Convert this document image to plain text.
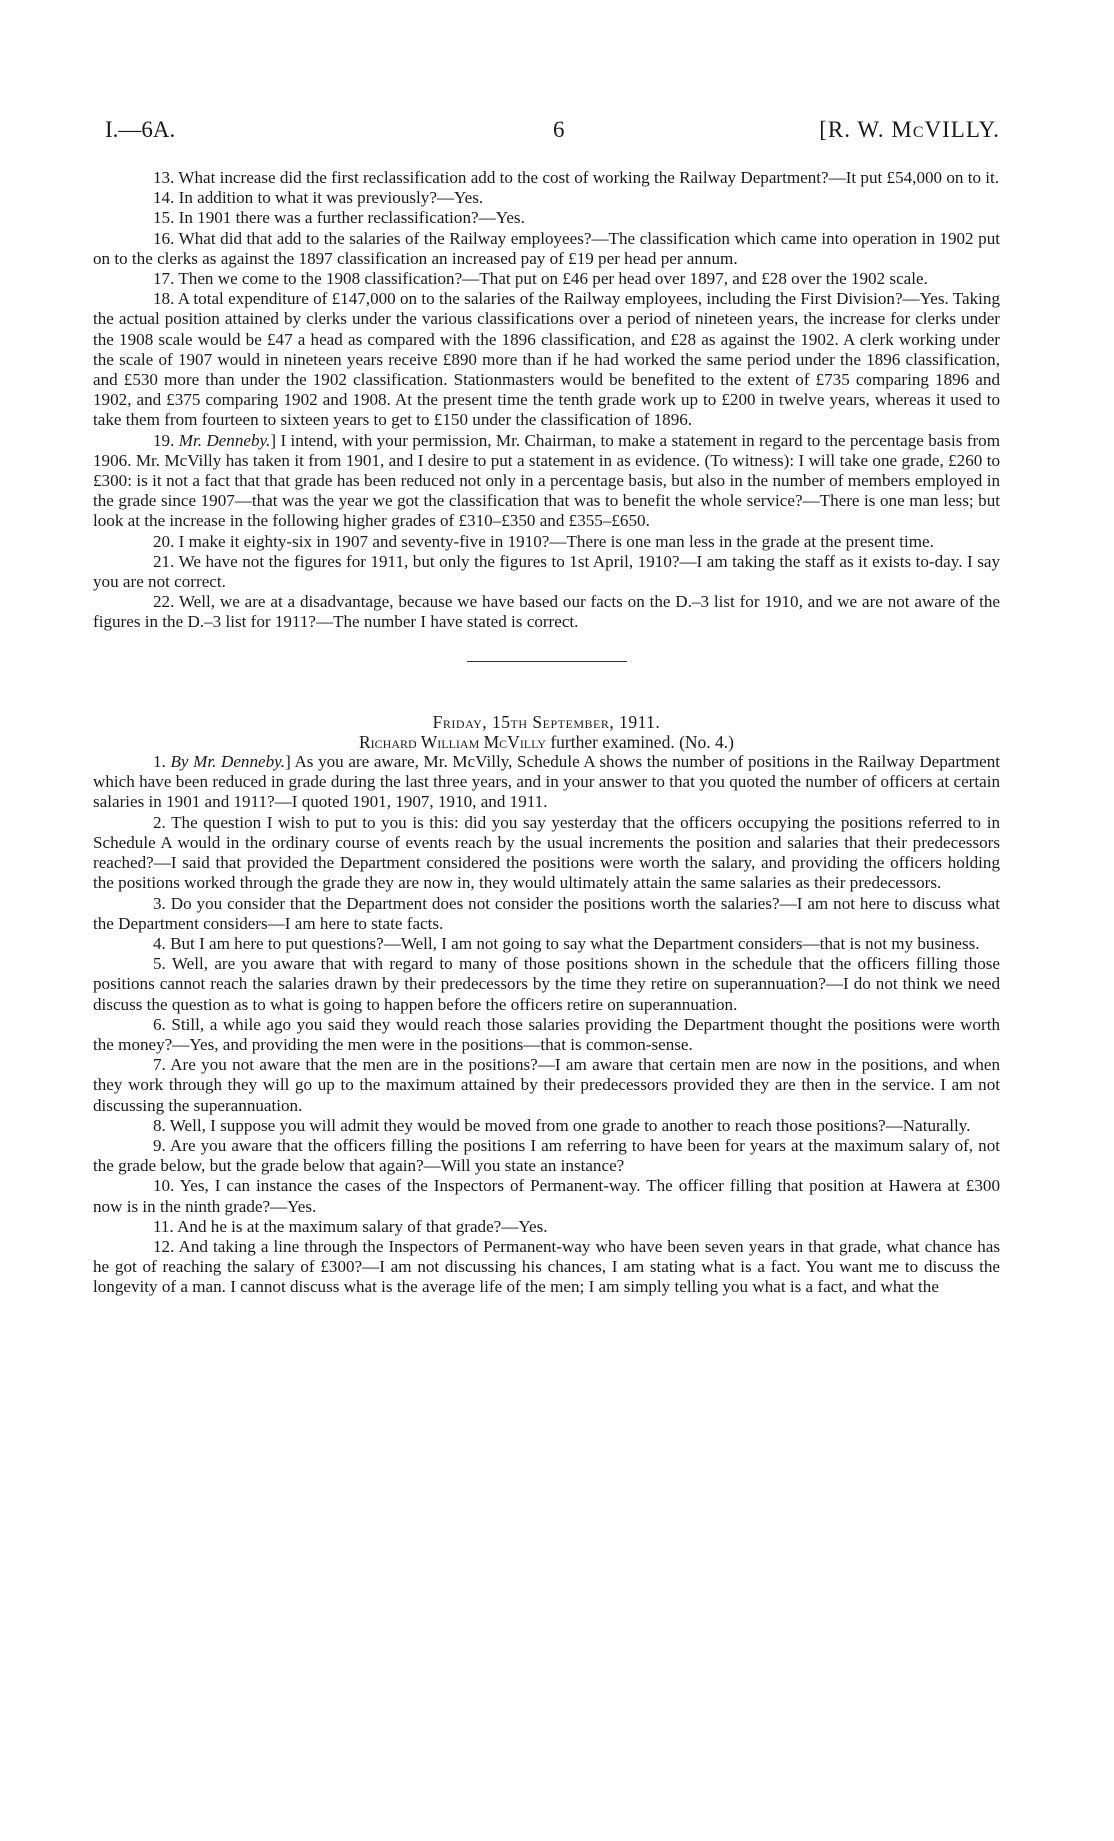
I.—6A.	6	[R. W. McVILLY.

13. What increase did the first reclassification add to the cost of working the Railway Department?—It put £54,000 on to it.

14. In addition to what it was previously?—Yes.

15. In 1901 there was a further reclassification?—Yes.

16. What did that add to the salaries of the Railway employees?—The classification which came into operation in 1902 put on to the clerks as against the 1897 classification an increased pay of £19 per head per annum.

17. Then we come to the 1908 classification?—That put on £46 per head over 1897, and £28 over the 1902 scale.

18. A total expenditure of £147,000 on to the salaries of the Railway employees, including the First Division?—Yes. Taking the actual position attained by clerks under the various classifications over a period of nineteen years, the increase for clerks under the 1908 scale would be £47 a head as compared with the 1896 classification, and £28 as against the 1902. A clerk working under the scale of 1907 would in nineteen years receive £890 more than if he had worked the same period under the 1896 classification, and £530 more than under the 1902 classification. Stationmasters would be benefited to the extent of £735 comparing 1896 and 1902, and £375 comparing 1902 and 1908. At the present time the tenth grade work up to £200 in twelve years, whereas it used to take them from fourteen to sixteen years to get to £150 under the classification of 1896.

19. Mr. Denneby.] I intend, with your permission, Mr. Chairman, to make a statement in regard to the percentage basis from 1906. Mr. McVilly has taken it from 1901, and I desire to put a statement in as evidence. (To witness): I will take one grade, £260 to £300: is it not a fact that that grade has been reduced not only in a percentage basis, but also in the number of members employed in the grade since 1907—that was the year we got the classification that was to benefit the whole service?—There is one man less; but look at the increase in the following higher grades of £310–£350 and £355–£650.

20. I make it eighty-six in 1907 and seventy-five in 1910?—There is one man less in the grade at the present time.

21. We have not the figures for 1911, but only the figures to 1st April, 1910?—I am taking the staff as it exists to-day. I say you are not correct.

22. Well, we are at a disadvantage, because we have based our facts on the D.–3 list for 1910, and we are not aware of the figures in the D.–3 list for 1911?—The number I have stated is correct.

Friday, 15th September, 1911.

Richard William McVilly further examined. (No. 4.)

1. By Mr. Denneby.] As you are aware, Mr. McVilly, Schedule A shows the number of positions in the Railway Department which have been reduced in grade during the last three years, and in your answer to that you quoted the number of officers at certain salaries in 1901 and 1911?—I quoted 1901, 1907, 1910, and 1911.

2. The question I wish to put to you is this: did you say yesterday that the officers occupying the positions referred to in Schedule A would in the ordinary course of events reach by the usual increments the position and salaries that their predecessors reached?—I said that provided the Department considered the positions were worth the salary, and providing the officers holding the positions worked through the grade they are now in, they would ultimately attain the same salaries as their predecessors.

3. Do you consider that the Department does not consider the positions worth the salaries?—I am not here to discuss what the Department considers—I am here to state facts.

4. But I am here to put questions?—Well, I am not going to say what the Department considers—that is not my business.

5. Well, are you aware that with regard to many of those positions shown in the schedule that the officers filling those positions cannot reach the salaries drawn by their predecessors by the time they retire on superannuation?—I do not think we need discuss the question as to what is going to happen before the officers retire on superannuation.

6. Still, a while ago you said they would reach those salaries providing the Department thought the positions were worth the money?—Yes, and providing the men were in the positions—that is common-sense.

7. Are you not aware that the men are in the positions?—I am aware that certain men are now in the positions, and when they work through they will go up to the maximum attained by their predecessors provided they are then in the service. I am not discussing the superannuation.

8. Well, I suppose you will admit they would be moved from one grade to another to reach those positions?—Naturally.

9. Are you aware that the officers filling the positions I am referring to have been for years at the maximum salary of, not the grade below, but the grade below that again?—Will you state an instance?

10. Yes, I can instance the cases of the Inspectors of Permanent-way. The officer filling that position at Hawera at £300 now is in the ninth grade?—Yes.

11. And he is at the maximum salary of that grade?—Yes.

12. And taking a line through the Inspectors of Permanent-way who have been seven years in that grade, what chance has he got of reaching the salary of £300?—I am not discussing his chances, I am stating what is a fact. You want me to discuss the longevity of a man. I cannot discuss what is the average life of the men; I am simply telling you what is a fact, and what the
